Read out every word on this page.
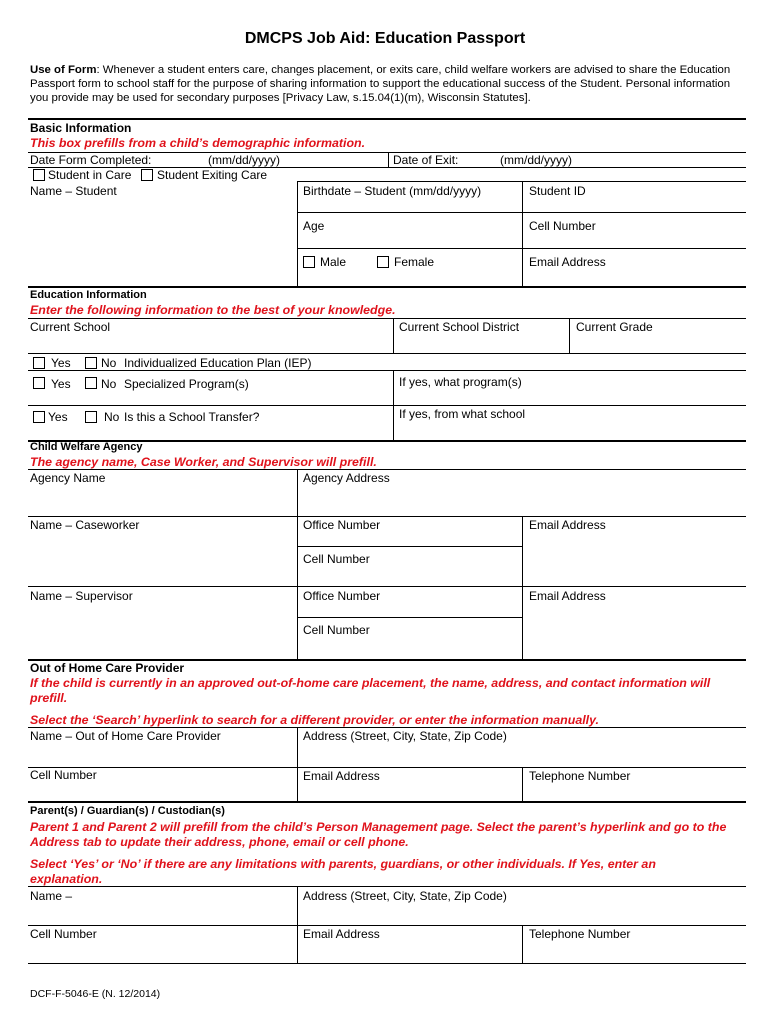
DMCPS Job Aid: Education Passport
Use of Form: Whenever a student enters care, changes placement, or exits care, child welfare workers are advised to share the Education Passport form to school staff for the purpose of sharing information to support the educational success of the Student. Personal information you provide may be used for secondary purposes [Privacy Law, s.15.04(1)(m), Wisconsin Statutes].
Basic Information
This box prefills from a child’s demographic information.
Date Form Completed:	(mm/dd/yyyy)	Date of Exit:	(mm/dd/yyyy)
Student in Care Student Exiting Care
Name – Student	Birthdate – Student (mm/dd/yyyy)	Student ID
Age	Cell Number
Male	Female	Email Address
Education Information
Enter the following information to the best of your knowledge.
Current School	Current School District	Current Grade
Yes	No Individualized Education Plan (IEP)
Yes	No Specialized Program(s)	If yes, what program(s)
Yes	No Is this a School Transfer?	If yes, from what school
Child Welfare Agency
The agency name, Case Worker, and Supervisor will prefill.
Agency Name	Agency Address
Name – Caseworker	Office Number	Email Address
Cell Number
Name – Supervisor	Office Number	Email Address
Cell Number
Out of Home Care Provider
If the child is currently in an approved out-of-home care placement, the name, address, and contact information will prefill.
Select the ‘Search’ hyperlink to search for a different provider, or enter the information manually.
Name – Out of Home Care Provider	Address (Street, City, State, Zip Code)
Cell Number	Email Address	Telephone Number
Parent(s) / Guardian(s) / Custodian(s)
Parent 1 and Parent 2 will prefill from the child’s Person Management page. Select the parent’s hyperlink and go to the Address tab to update their address, phone, email or cell phone.
Select ‘Yes’ or ‘No’ if there are any limitations with parents, guardians, or other individuals. If Yes, enter an explanation.
Name –	Address (Street, City, State, Zip Code)
Cell Number	Email Address	Telephone Number
DCF-F-5046-E (N. 12/2014)
